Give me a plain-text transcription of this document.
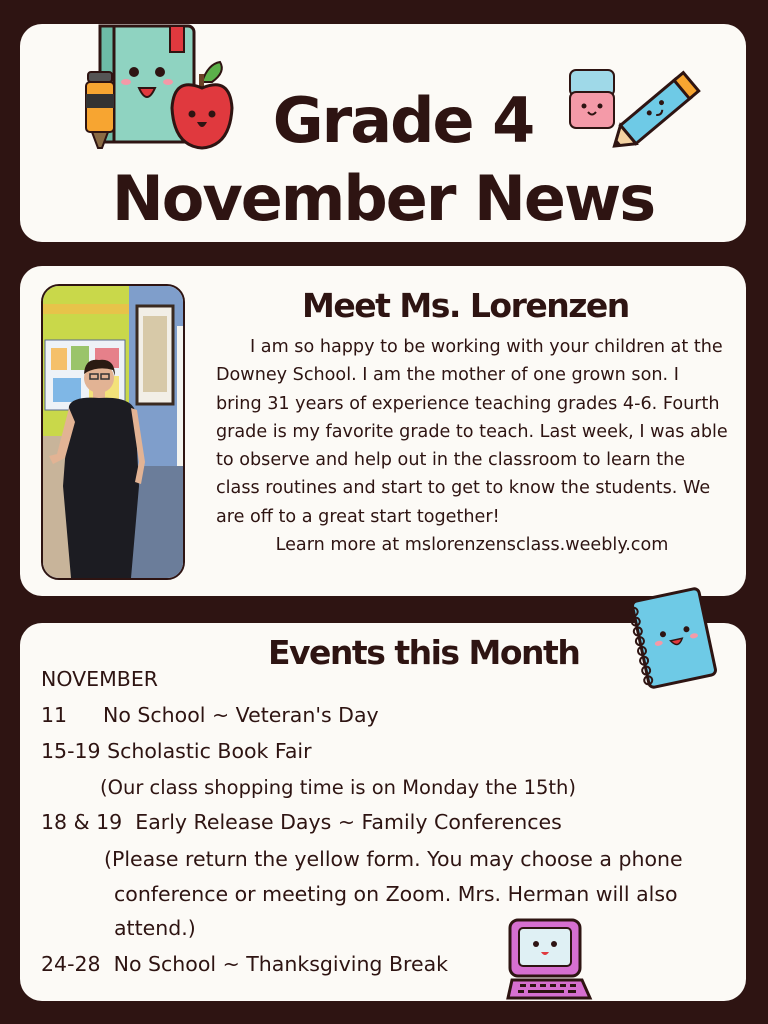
Grade 4
November News
Meet Ms. Lorenzen

I am so happy to be working with your children at the Downey School. I am the mother of one grown son. I bring 31 years of experience teaching grades 4-6. Fourth grade is my favorite grade to teach. Last week, I was able to observe and help out in the classroom to learn the class routines and start to get to know the students. We are off to a great start together!

Learn more at mslorenzensclass.weebly.com

Events this Month
NOVEMBER
11 No School ~ Veteran's Day
15-19 Scholastic Book Fair
(Our class shopping time is on Monday the 15th)
18 & 19 Early Release Days ~ Family Conferences
(Please return the yellow form. You may choose a phone
conference or meeting on Zoom. Mrs. Herman will also
attend.)
24-28 No School ~ Thanksgiving Break
